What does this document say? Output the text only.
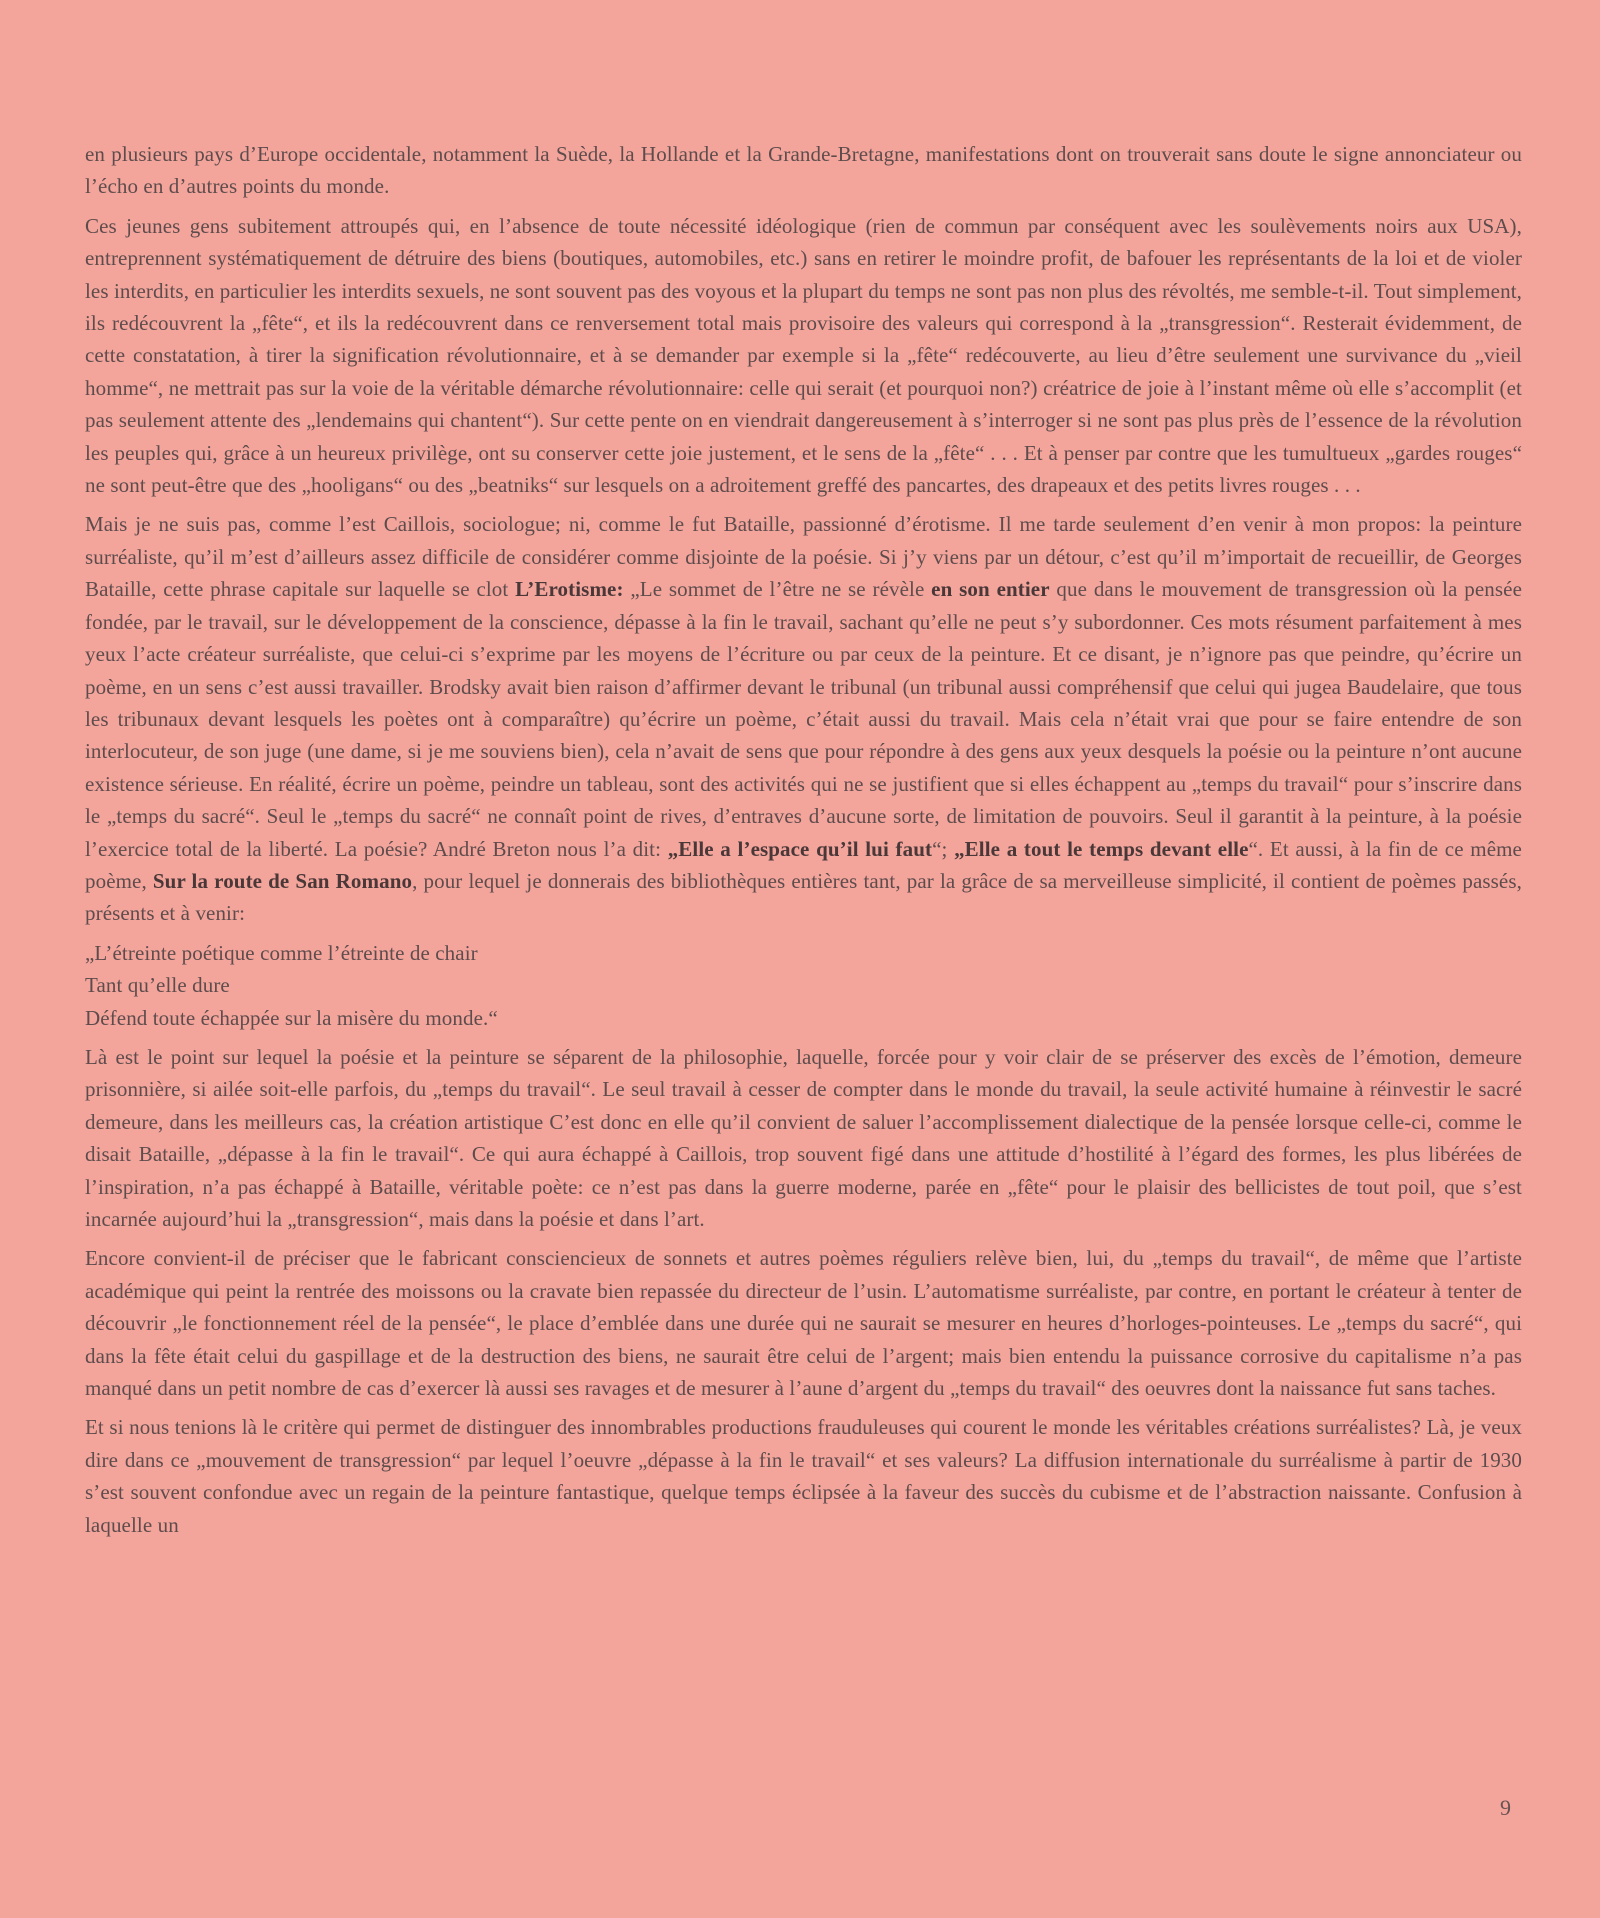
en plusieurs pays d’Europe occidentale, notamment la Suède, la Hollande et la Grande-Bretagne, manifestations dont on trouverait sans doute le signe annonciateur ou l’écho en d’autres points du monde.

Ces jeunes gens subitement attroupés qui, en l’absence de toute nécessité idéologique (rien de commun par conséquent avec les soulèvements noirs aux USA), entreprennent systématiquement de détruire des biens (boutiques, automobiles, etc.) sans en retirer le moindre profit, de bafouer les représentants de la loi et de violer les interdits, en particulier les interdits sexuels, ne sont souvent pas des voyous et la plupart du temps ne sont pas non plus des révoltés, me semble-t-il. Tout simplement, ils redécouvrent la „fête“, et ils la redécouvrent dans ce renversement total mais provisoire des valeurs qui correspond à la „transgression“. Resterait évidemment, de cette constatation, à tirer la signification révolutionnaire, et à se demander par exemple si la „fête“ redécouverte, au lieu d’être seulement une survivance du „vieil homme“, ne mettrait pas sur la voie de la véritable démarche révolutionnaire: celle qui serait (et pourquoi non?) créatrice de joie à l’instant même où elle s’accomplit (et pas seulement attente des „lendemains qui chantent“). Sur cette pente on en viendrait dangereusement à s’interroger si ne sont pas plus près de l’essence de la révolution les peuples qui, grâce à un heureux privilège, ont su conserver cette joie justement, et le sens de la „fête“ . . . Et à penser par contre que les tumultueux „gardes rouges“ ne sont peut-être que des „hooligans“ ou des „beatniks“ sur lesquels on a adroitement greffé des pancartes, des drapeaux et des petits livres rouges . . .

Mais je ne suis pas, comme l’est Caillois, sociologue; ni, comme le fut Bataille, passionné d’érotisme. Il me tarde seulement d’en venir à mon propos: la peinture surréaliste, qu’il m’est d’ailleurs assez difficile de considérer comme disjointe de la poésie. Si j’y viens par un détour, c’est qu’il m’importait de recueillir, de Georges Bataille, cette phrase capitale sur laquelle se clot L’Erotisme: „Le sommet de l’être ne se révèle en son entier que dans le mouvement de transgression où la pensée fondée, par le travail, sur le développement de la conscience, dépasse à la fin le travail, sachant qu’elle ne peut s’y subordonner. Ces mots résument parfaitement à mes yeux l’acte créateur surréaliste, que celui-ci s’exprime par les moyens de l’écriture ou par ceux de la peinture. Et ce disant, je n’ignore pas que peindre, qu’écrire un poème, en un sens c’est aussi travailler. Brodsky avait bien raison d’affirmer devant le tribunal (un tribunal aussi compréhensif que celui qui jugea Baudelaire, que tous les tribunaux devant lesquels les poètes ont à comparaître) qu’écrire un poème, c’était aussi du travail. Mais cela n’était vrai que pour se faire entendre de son interlocuteur, de son juge (une dame, si je me souviens bien), cela n’avait de sens que pour répondre à des gens aux yeux desquels la poésie ou la peinture n’ont aucune existence sérieuse. En réalité, écrire un poème, peindre un tableau, sont des activités qui ne se justifient que si elles échappent au „temps du travail“ pour s’inscrire dans le „temps du sacré“. Seul le „temps du sacré“ ne connaît point de rives, d’entraves d’aucune sorte, de limitation de pouvoirs. Seul il garantit à la peinture, à la poésie l’exercice total de la liberté. La poésie? André Breton nous l’a dit: „Elle a l’espace qu’il lui faut“; „Elle a tout le temps devant elle“. Et aussi, à la fin de ce même poème, Sur la route de San Romano, pour lequel je donnerais des bibliothèques entières tant, par la grâce de sa merveilleuse simplicité, il contient de poèmes passés, présents et à venir:

„L’étreinte poétique comme l’étreinte de chair

Tant qu’elle dure

Défend toute échappée sur la misère du monde.“

Là est le point sur lequel la poésie et la peinture se séparent de la philosophie, laquelle, forcée pour y voir clair de se préserver des excès de l’émotion, demeure prisonnière, si ailée soit-elle parfois, du „temps du travail“. Le seul travail à cesser de compter dans le monde du travail, la seule activité humaine à réinvestir le sacré demeure, dans les meilleurs cas, la création artistique C’est donc en elle qu’il convient de saluer l’accomplissement dialectique de la pensée lorsque celle-ci, comme le disait Bataille, „dépasse à la fin le travail“. Ce qui aura échappé à Caillois, trop souvent figé dans une attitude d’hostilité à l’égard des formes, les plus libérées de l’inspiration, n’a pas échappé à Bataille, véritable poète: ce n’est pas dans la guerre moderne, parée en „fête“ pour le plaisir des bellicistes de tout poil, que s’est incarnée aujourd’hui la „transgression“, mais dans la poésie et dans l’art.

Encore convient-il de préciser que le fabricant consciencieux de sonnets et autres poèmes réguliers relève bien, lui, du „temps du travail“, de même que l’artiste académique qui peint la rentrée des moissons ou la cravate bien repassée du directeur de l’usin. L’automatisme surréaliste, par contre, en portant le créateur à tenter de découvrir „le fonctionnement réel de la pensée“, le place d’emblée dans une durée qui ne saurait se mesurer en heures d’horloges-pointeuses. Le „temps du sacré“, qui dans la fête était celui du gaspillage et de la destruction des biens, ne saurait être celui de l’argent; mais bien entendu la puissance corrosive du capitalisme n’a pas manqué dans un petit nombre de cas d’exercer là aussi ses ravages et de mesurer à l’aune d’argent du „temps du travail“ des oeuvres dont la naissance fut sans taches.

Et si nous tenions là le critère qui permet de distinguer des innombrables productions frauduleuses qui courent le monde les véritables créations surréalistes? Là, je veux dire dans ce „mouvement de transgression“ par lequel l’oeuvre „dépasse à la fin le travail“ et ses valeurs? La diffusion internationale du surréalisme à partir de 1930 s’est souvent confondue avec un regain de la peinture fantastique, quelque temps éclipsée à la faveur des succès du cubisme et de l’abstraction naissante. Confusion à laquelle un

9
